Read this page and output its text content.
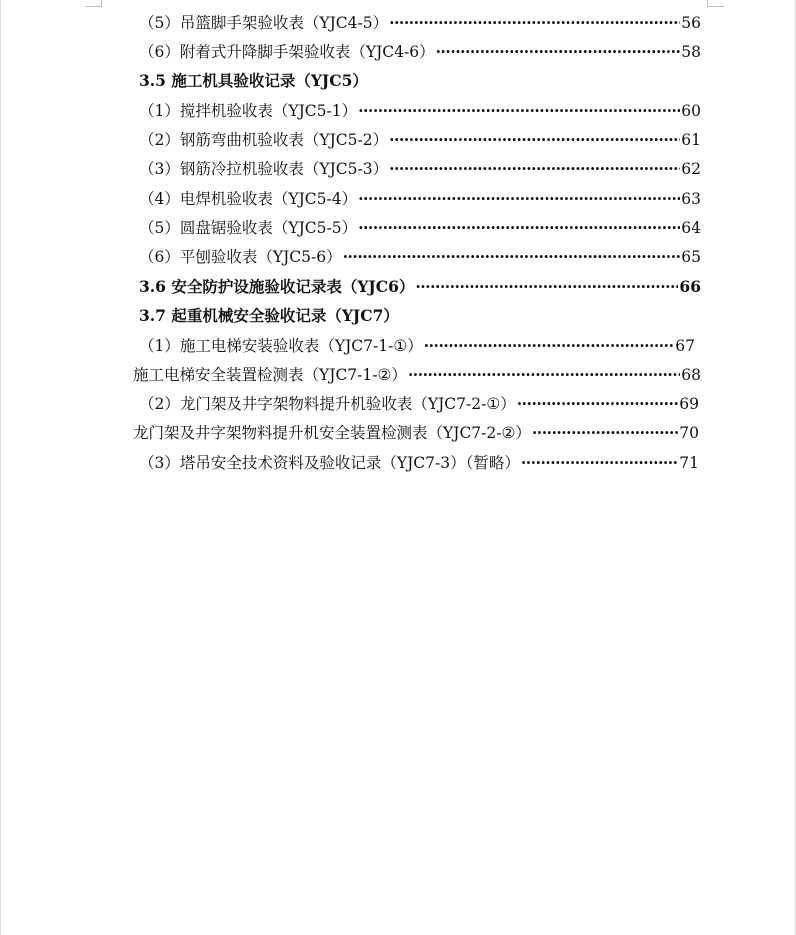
（5）吊篮脚手架验收表（YJC4-5） ·····	56
（6）附着式升降脚手架验收表（YJC4-6） ·····	58
3.5 施工机具验收记录（YJC5）
（1）搅拌机验收表（YJC5-1） ·····	60
（2）钢筋弯曲机验收表（YJC5-2） ·····	61
（3）钢筋冷拉机验收表（YJC5-3） ·····	62
（4）电焊机验收表（YJC5-4） ·····	63
（5）圆盘锯验收表（YJC5-5） ·····	64
（6）平刨验收表（YJC5-6） ·····	65
3.6 安全防护设施验收记录表（YJC6） ·····	66
3.7 起重机械安全验收记录（YJC7）
（1）施工电梯安装验收表（YJC7-1-①） ·····	67
施工电梯安全装置检测表（YJC7-1-②） ·····	68
（2）龙门架及井字架物料提升机验收表（YJC7-2-①） ·····	69
龙门架及井字架物料提升机安全装置检测表（YJC7-2-②） ·····	70
（3）塔吊安全技术资料及验收记录（YJC7-3）（暂略） ·····	71
